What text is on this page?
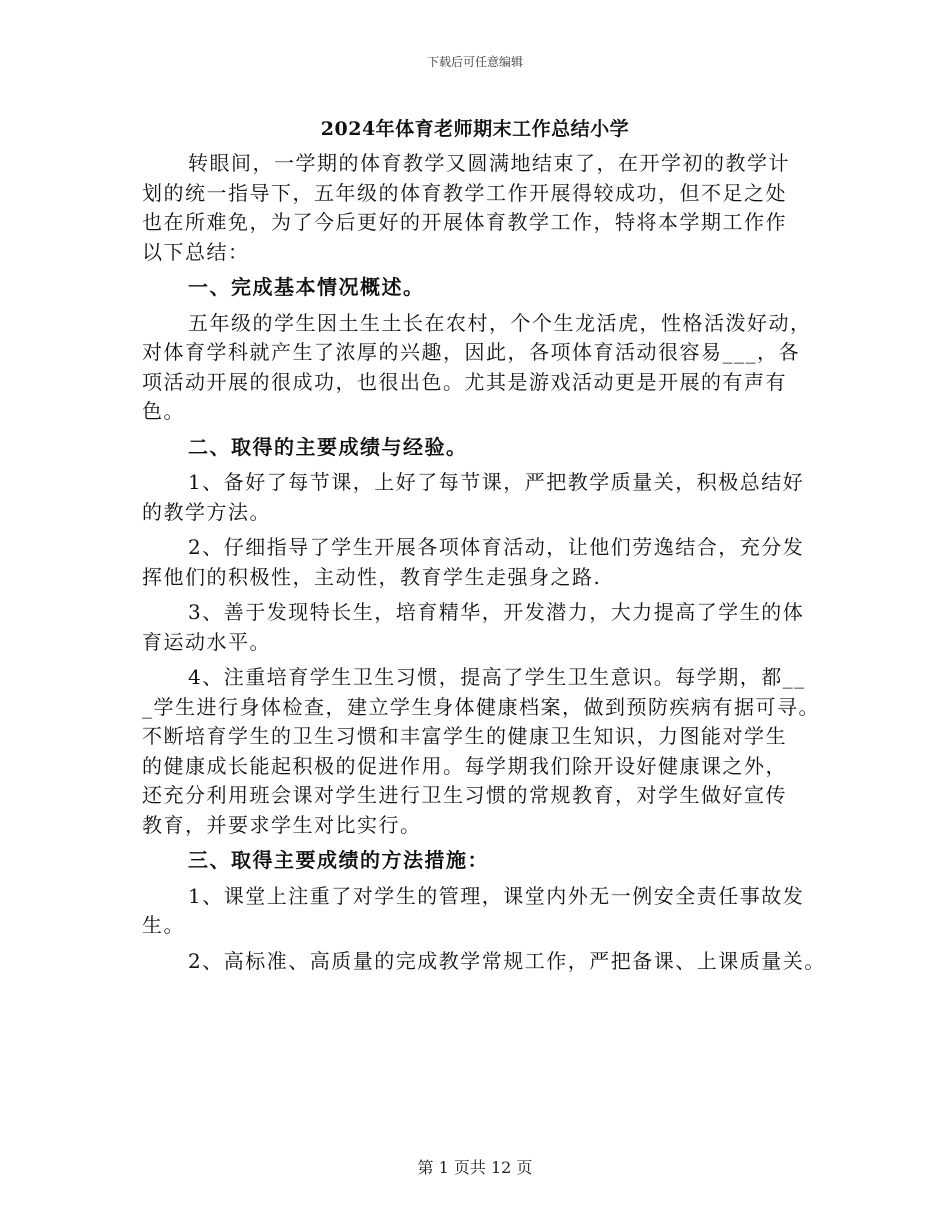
下载后可任意编辑
2024年体育老师期末工作总结小学
转眼间，一学期的体育教学又圆满地结束了，在开学初的教学计
划的统一指导下，五年级的体育教学工作开展得较成功，但不足之处
也在所难免，为了今后更好的开展体育教学工作，特将本学期工作作
以下总结：
一、完成基本情况概述。
五年级的学生因土生土长在农村，个个生龙活虎，性格活泼好动，
对体育学科就产生了浓厚的兴趣，因此，各项体育活动很容易___，各
项活动开展的很成功，也很出色。尤其是游戏活动更是开展的有声有
色。
二、取得的主要成绩与经验。
1、备好了每节课，上好了每节课，严把教学质量关，积极总结好
的教学方法。
2、仔细指导了学生开展各项体育活动，让他们劳逸结合，充分发
挥他们的积极性，主动性，教育学生走强身之路.
3、善于发现特长生，培育精华，开发潜力，大力提高了学生的体
育运动水平。
4、注重培育学生卫生习惯，提高了学生卫生意识。每学期，都__
_学生进行身体检查，建立学生身体健康档案，做到预防疾病有据可寻。
不断培育学生的卫生习惯和丰富学生的健康卫生知识，力图能对学生
的健康成长能起积极的促进作用。每学期我们除开设好健康课之外，
还充分利用班会课对学生进行卫生习惯的常规教育，对学生做好宣传
教育，并要求学生对比实行。
三、取得主要成绩的方法措施：
1、课堂上注重了对学生的管理，课堂内外无一例安全责任事故发
生。
2、高标准、高质量的完成教学常规工作，严把备课、上课质量关。
第 1 页共 12 页
